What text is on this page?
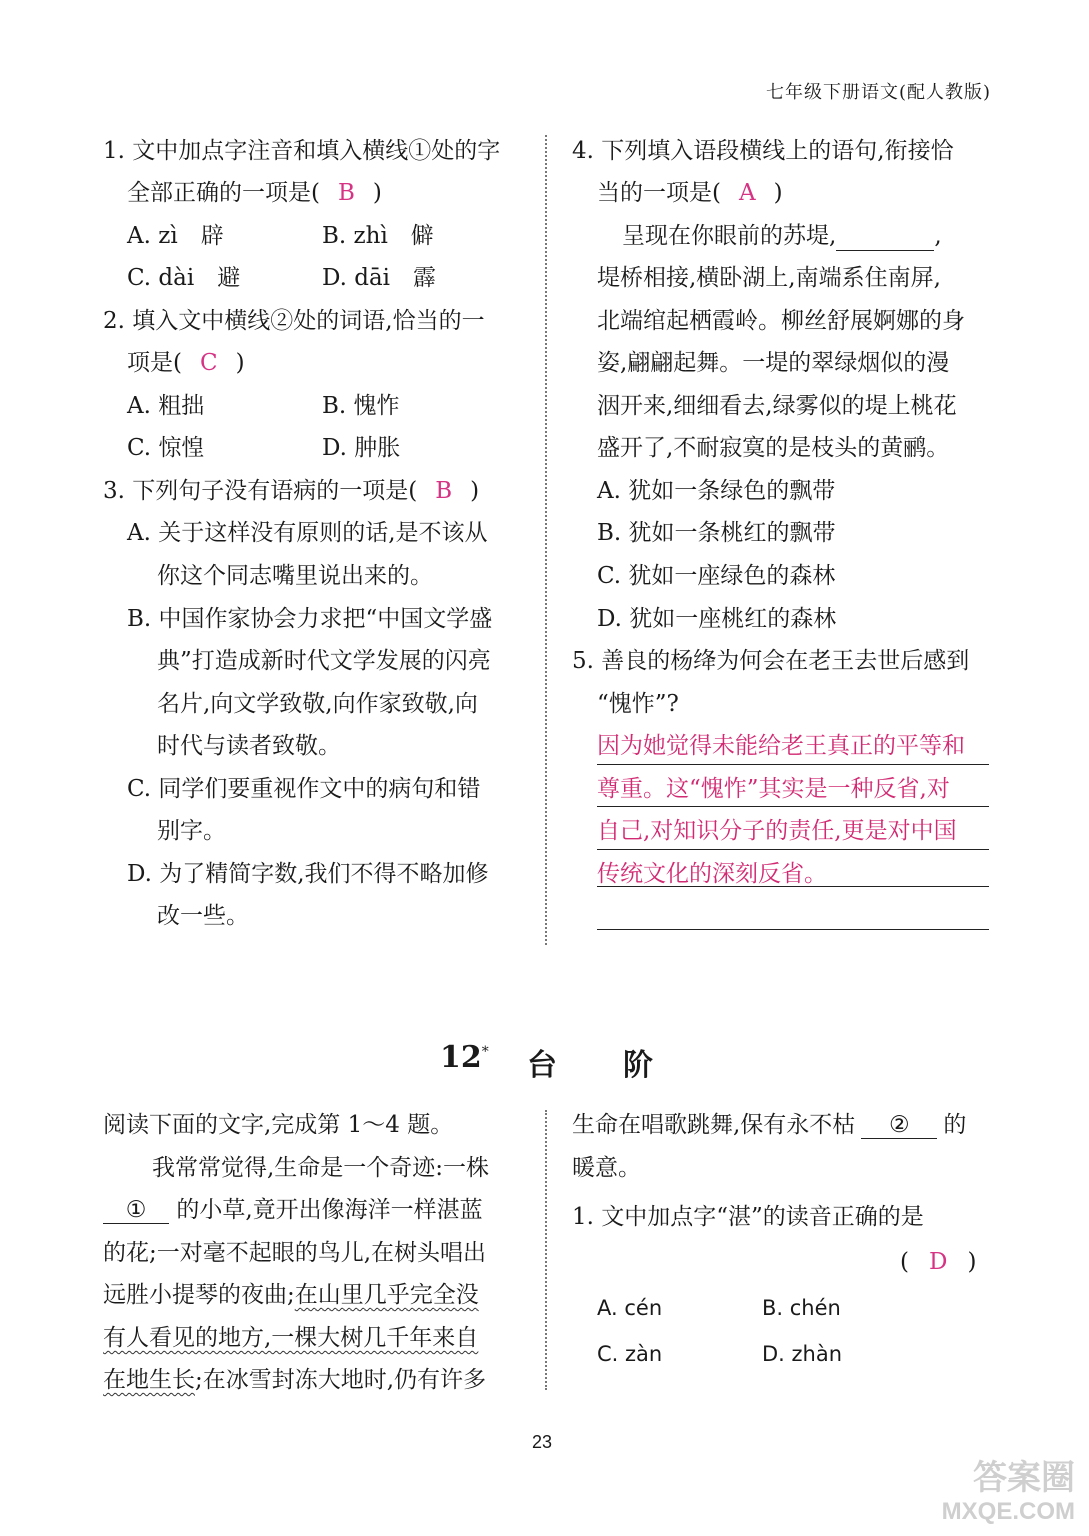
七年级下册语文(配人教版)
1. 文中加点字注音和填入横线①处的字
全部正确的一项是( B )
A. zì　辟	B. zhì　僻
C. dài　避	D. dāi　霹
2. 填入文中横线②处的词语,恰当的一
项是( C )
A. 粗拙	B. 愧怍
C. 惊惶	D. 肿胀
3. 下列句子没有语病的一项是( B )
A. 关于这样没有原则的话,是不该从
你这个同志嘴里说出来的。
B. 中国作家协会力求把“中国文学盛
典”打造成新时代文学发展的闪亮
名片,向文学致敬,向作家致敬,向
时代与读者致敬。
C. 同学们要重视作文中的病句和错
别字。
D. 为了精简字数,我们不得不略加修
改一些。
4. 下列填入语段横线上的语句,衔接恰
当的一项是( A )
呈现在你眼前的苏堤,	,
堤桥相接,横卧湖上,南端系住南屏,
北端绾起栖霞岭。柳丝舒展婀娜的身
姿,翩翩起舞。一堤的翠绿烟似的漫
洇开来,细细看去,绿雾似的堤上桃花
盛开了,不耐寂寞的是枝头的黄鹂。
A. 犹如一条绿色的飘带
B. 犹如一条桃红的飘带
C. 犹如一座绿色的森林
D. 犹如一座桃红的森林
5. 善良的杨绛为何会在老王去世后感到
“愧怍”?
因为她觉得未能给老王真正的平等和
尊重。这“愧怍”其实是一种反省,对
自己,对知识分子的责任,更是对中国
传统文化的深刻反省。
12* 台 阶
阅读下面的文字,完成第 1～4 题。
我常常觉得,生命是一个奇迹:一株
① 的小草,竟开出像海洋一样湛蓝
的花;一对毫不起眼的鸟儿,在树头唱出
远胜小提琴的夜曲;在山里几乎完全没
有人看见的地方,一棵大树几千年来自
在地生长;在冰雪封冻大地时,仍有许多
生命在唱歌跳舞,保有永不枯 ② 的
暖意。
1. 文中加点字“湛”的读音正确的是
( D )
A. cén	B. chén
C. zàn	D. zhàn
23
答案圈
MXQE.COM
